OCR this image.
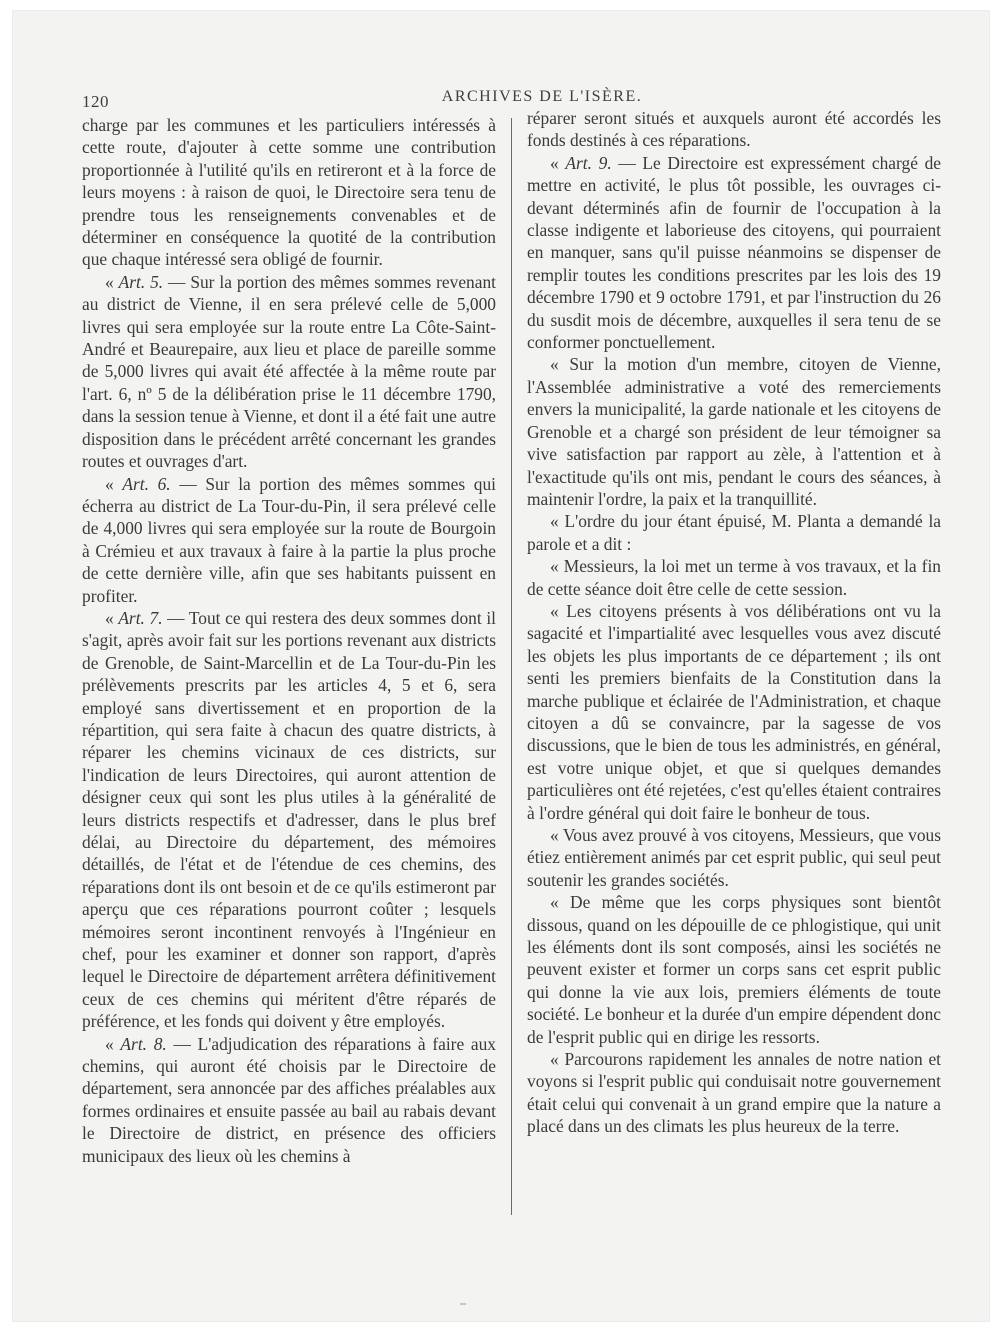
120	ARCHIVES DE L'ISÈRE.

charge par les communes et les particuliers intéressés à cette route, d'ajouter à cette somme une contribution proportionnée à l'utilité qu'ils en retireront et à la force de leurs moyens : à raison de quoi, le Directoire sera tenu de prendre tous les renseignements convenables et de déterminer en conséquence la quotité de la contribution que chaque intéressé sera obligé de fournir.

« Art. 5. — Sur la portion des mêmes sommes revenant au district de Vienne, il en sera prélevé celle de 5,000 livres qui sera employée sur la route entre La Côte-Saint-André et Beaurepaire, aux lieu et place de pareille somme de 5,000 livres qui avait été affectée à la même route par l'art. 6, nº 5 de la délibération prise le 11 décembre 1790, dans la session tenue à Vienne, et dont il a été fait une autre disposition dans le précédent arrêté concernant les grandes routes et ouvrages d'art.

« Art. 6. — Sur la portion des mêmes sommes qui écherra au district de La Tour-du-Pin, il sera prélevé celle de 4,000 livres qui sera employée sur la route de Bourgoin à Crémieu et aux travaux à faire à la partie la plus proche de cette dernière ville, afin que ses habitants puissent en profiter.

« Art. 7. — Tout ce qui restera des deux sommes dont il s'agit, après avoir fait sur les portions revenant aux districts de Grenoble, de Saint-Marcellin et de La Tour-du-Pin les prélèvements prescrits par les articles 4, 5 et 6, sera employé sans divertissement et en proportion de la répartition, qui sera faite à chacun des quatre districts, à réparer les chemins vicinaux de ces districts, sur l'indication de leurs Directoires, qui auront attention de désigner ceux qui sont les plus utiles à la généralité de leurs districts respectifs et d'adresser, dans le plus bref délai, au Directoire du département, des mémoires détaillés, de l'état et de l'étendue de ces chemins, des réparations dont ils ont besoin et de ce qu'ils estimeront par aperçu que ces réparations pourront coûter ; lesquels mémoires seront incontinent renvoyés à l'Ingénieur en chef, pour les examiner et donner son rapport, d'après lequel le Directoire de département arrêtera définitivement ceux de ces chemins qui méritent d'être réparés de préférence, et les fonds qui doivent y être employés.

« Art. 8. — L'adjudication des réparations à faire aux chemins, qui auront été choisis par le Directoire de département, sera annoncée par des affiches préalables aux formes ordinaires et ensuite passée au bail au rabais devant le Directoire de district, en présence des officiers municipaux des lieux où les chemins à

réparer seront situés et auxquels auront été accordés les fonds destinés à ces réparations.

« Art. 9. — Le Directoire est expressément chargé de mettre en activité, le plus tôt possible, les ouvrages ci-devant déterminés afin de fournir de l'occupation à la classe indigente et laborieuse des citoyens, qui pourraient en manquer, sans qu'il puisse néanmoins se dispenser de remplir toutes les conditions prescrites par les lois des 19 décembre 1790 et 9 octobre 1791, et par l'instruction du 26 du susdit mois de décembre, auxquelles il sera tenu de se conformer ponctuellement.

« Sur la motion d'un membre, citoyen de Vienne, l'Assemblée administrative a voté des remerciements envers la municipalité, la garde nationale et les citoyens de Grenoble et a chargé son président de leur témoigner sa vive satisfaction par rapport au zèle, à l'attention et à l'exactitude qu'ils ont mis, pendant le cours des séances, à maintenir l'ordre, la paix et la tranquillité.

« L'ordre du jour étant épuisé, M. Planta a demandé la parole et a dit :

« Messieurs, la loi met un terme à vos travaux, et la fin de cette séance doit être celle de cette session.

« Les citoyens présents à vos délibérations ont vu la sagacité et l'impartialité avec lesquelles vous avez discuté les objets les plus importants de ce département ; ils ont senti les premiers bienfaits de la Constitution dans la marche publique et éclairée de l'Administration, et chaque citoyen a dû se convaincre, par la sagesse de vos discussions, que le bien de tous les administrés, en général, est votre unique objet, et que si quelques demandes particulières ont été rejetées, c'est qu'elles étaient contraires à l'ordre général qui doit faire le bonheur de tous.

« Vous avez prouvé à vos citoyens, Messieurs, que vous étiez entièrement animés par cet esprit public, qui seul peut soutenir les grandes sociétés.

« De même que les corps physiques sont bientôt dissous, quand on les dépouille de ce phlogistique, qui unit les éléments dont ils sont composés, ainsi les sociétés ne peuvent exister et former un corps sans cet esprit public qui donne la vie aux lois, premiers éléments de toute société. Le bonheur et la durée d'un empire dépendent donc de l'esprit public qui en dirige les ressorts.

« Parcourons rapidement les annales de notre nation et voyons si l'esprit public qui conduisait notre gouvernement était celui qui convenait à un grand empire que la nature a placé dans un des climats les plus heureux de la terre.
